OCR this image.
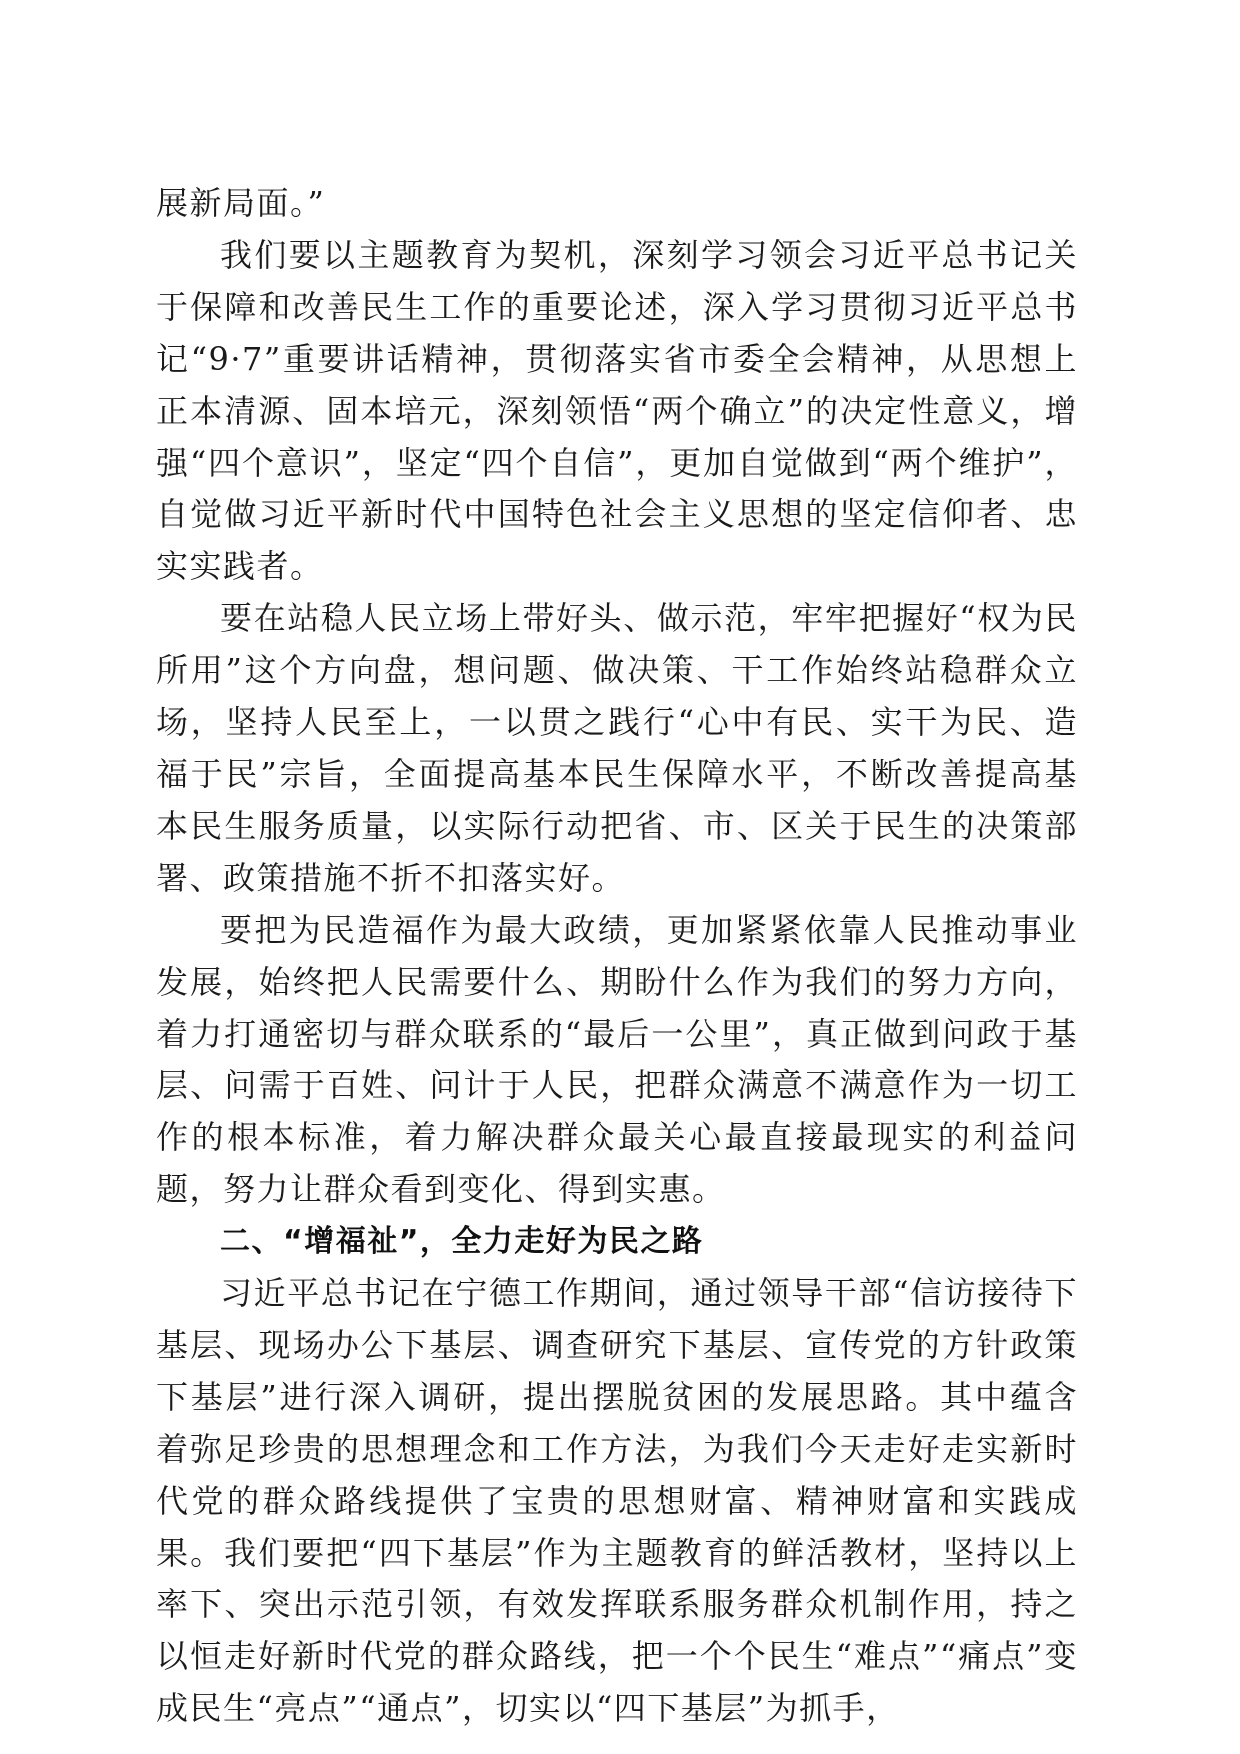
展新局面。”

我们要以主题教育为契机，深刻学习领会习近平总书记关于保障和改善民生工作的重要论述，深入学习贯彻习近平总书记“9·7”重要讲话精神，贯彻落实省市委全会精神，从思想上正本清源、固本培元，深刻领悟“两个确立”的决定性意义，增强“四个意识”，坚定“四个自信”，更加自觉做到“两个维护”，自觉做习近平新时代中国特色社会主义思想的坚定信仰者、忠实实践者。

要在站稳人民立场上带好头、做示范，牢牢把握好“权为民所用”这个方向盘，想问题、做决策、干工作始终站稳群众立场，坚持人民至上，一以贯之践行“心中有民、实干为民、造福于民”宗旨，全面提高基本民生保障水平，不断改善提高基本民生服务质量，以实际行动把省、市、区关于民生的决策部署、政策措施不折不扣落实好。

要把为民造福作为最大政绩，更加紧紧依靠人民推动事业发展，始终把人民需要什么、期盼什么作为我们的努力方向，着力打通密切与群众联系的“最后一公里”，真正做到问政于基层、问需于百姓、问计于人民，把群众满意不满意作为一切工作的根本标准，着力解决群众最关心最直接最现实的利益问题，努力让群众看到变化、得到实惠。

二、“增福祉”，全力走好为民之路

习近平总书记在宁德工作期间，通过领导干部“信访接待下基层、现场办公下基层、调查研究下基层、宣传党的方针政策下基层”进行深入调研，提出摆脱贫困的发展思路。其中蕴含着弥足珍贵的思想理念和工作方法，为我们今天走好走实新时代党的群众路线提供了宝贵的思想财富、精神财富和实践成果。我们要把“四下基层”作为主题教育的鲜活教材，坚持以上率下、突出示范引领，有效发挥联系服务群众机制作用，持之以恒走好新时代党的群众路线，把一个个民生“难点”“痛点”变成民生“亮点”“通点”，切实以“四下基层”为抓手，
